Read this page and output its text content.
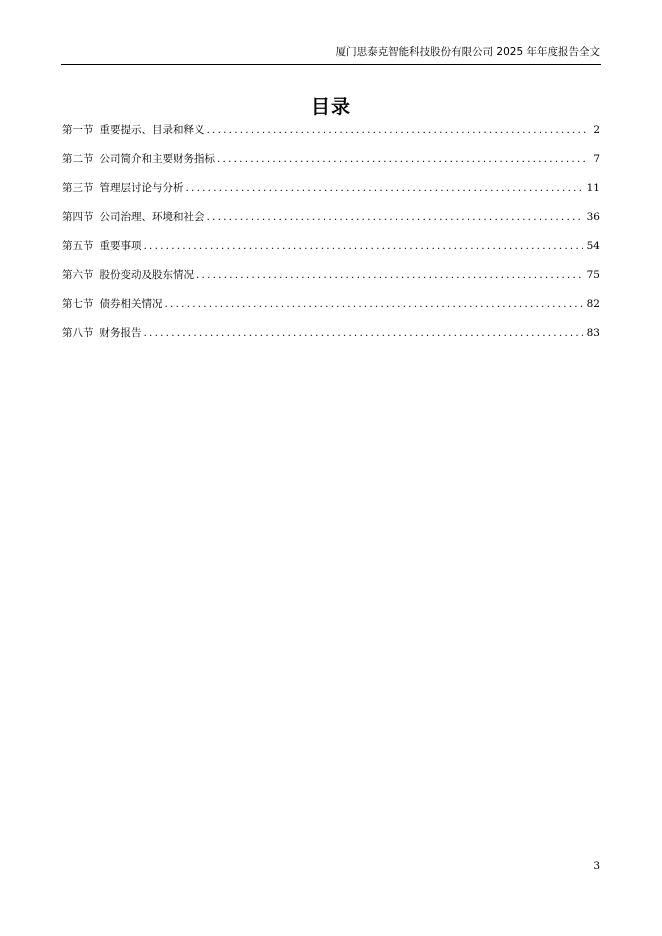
厦门思泰克智能科技股份有限公司 2025 年年度报告全文
目录
第一节 重要提示、目录和释义 .....	2
第二节 公司简介和主要财务指标 .....	7
第三节 管理层讨论与分析 .....	11
第四节 公司治理、环境和社会 .....	36
第五节 重要事项 .....	54
第六节 股份变动及股东情况 .....	75
第七节 债券相关情况 .....	82
第八节 财务报告 .....	83
3
